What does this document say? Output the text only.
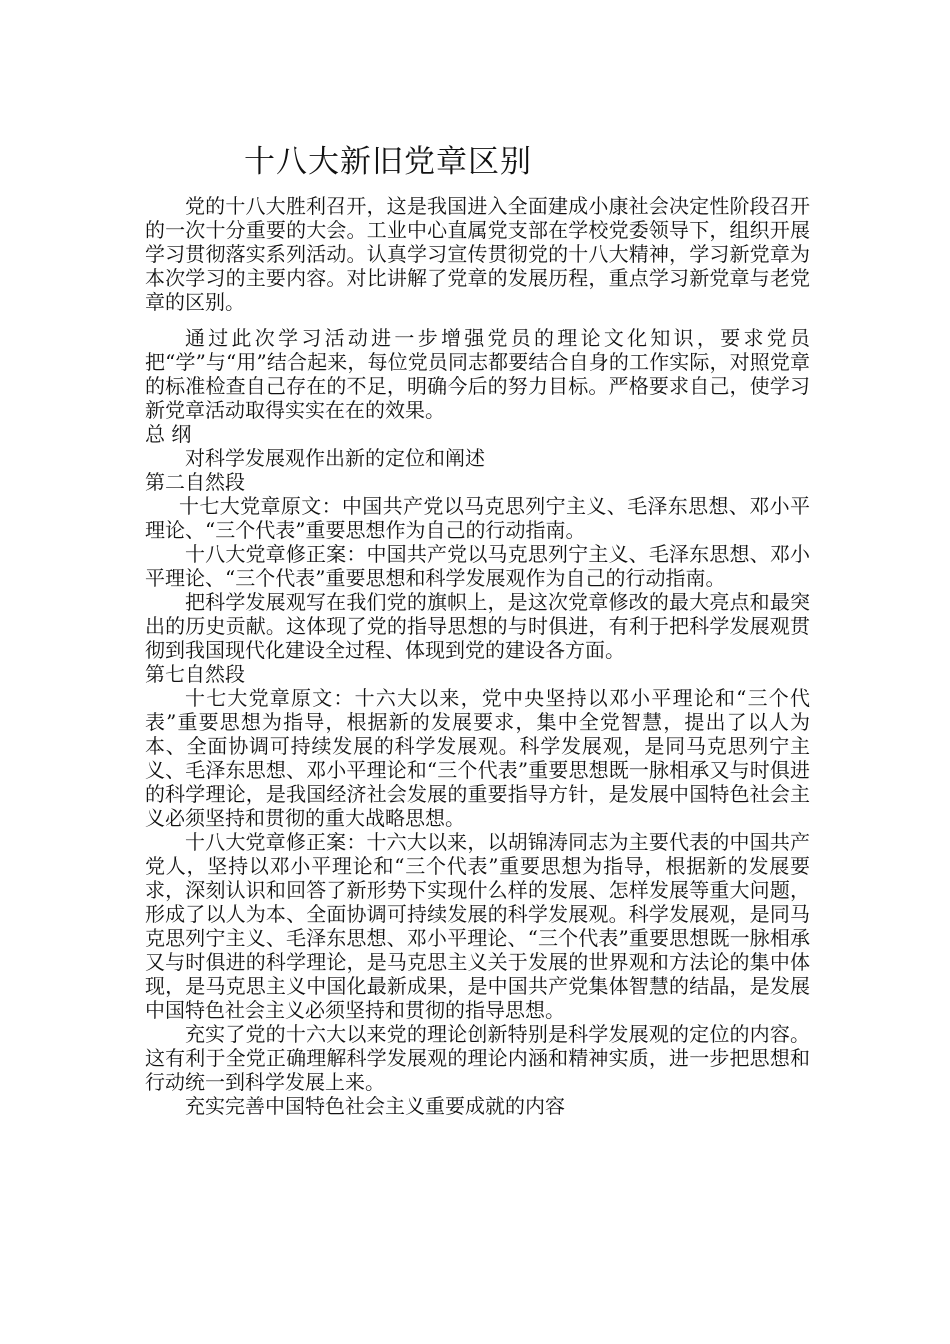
十八大新旧党章区别

党的十八大胜利召开，这是我国进入全面建成小康社会决定性阶段召开的一次十分重要的大会。工业中心直属党支部在学校党委领导下，组织开展学习贯彻落实系列活动。认真学习宣传贯彻党的十八大精神，学习新党章为本次学习的主要内容。对比讲解了党章的发展历程，重点学习新党章与老党章的区别。

通过此次学习活动进一步增强党员的理论文化知识，要求党员把“学”与“用”结合起来，每位党员同志都要结合自身的工作实际，对照党章的标准检查自己存在的不足，明确今后的努力目标。严格要求自己，使学习新党章活动取得实实在在的效果。

总 纲

对科学发展观作出新的定位和阐述

第二自然段

十七大党章原文：中国共产党以马克思列宁主义、毛泽东思想、邓小平理论、“三个代表”重要思想作为自己的行动指南。

十八大党章修正案：中国共产党以马克思列宁主义、毛泽东思想、邓小平理论、“三个代表”重要思想和科学发展观作为自己的行动指南。

把科学发展观写在我们党的旗帜上，是这次党章修改的最大亮点和最突出的历史贡献。这体现了党的指导思想的与时俱进，有利于把科学发展观贯彻到我国现代化建设全过程、体现到党的建设各方面。

第七自然段

十七大党章原文：十六大以来，党中央坚持以邓小平理论和“三个代表”重要思想为指导，根据新的发展要求，集中全党智慧，提出了以人为本、全面协调可持续发展的科学发展观。科学发展观，是同马克思列宁主义、毛泽东思想、邓小平理论和“三个代表”重要思想既一脉相承又与时俱进的科学理论，是我国经济社会发展的重要指导方针，是发展中国特色社会主义必须坚持和贯彻的重大战略思想。

十八大党章修正案：十六大以来，以胡锦涛同志为主要代表的中国共产党人，坚持以邓小平理论和“三个代表”重要思想为指导，根据新的发展要求，深刻认识和回答了新形势下实现什么样的发展、怎样发展等重大问题，形成了以人为本、全面协调可持续发展的科学发展观。科学发展观，是同马克思列宁主义、毛泽东思想、邓小平理论、“三个代表”重要思想既一脉相承又与时俱进的科学理论，是马克思主义关于发展的世界观和方法论的集中体现，是马克思主义中国化最新成果，是中国共产党集体智慧的结晶，是发展中国特色社会主义必须坚持和贯彻的指导思想。

充实了党的十六大以来党的理论创新特别是科学发展观的定位的内容。这有利于全党正确理解科学发展观的理论内涵和精神实质，进一步把思想和行动统一到科学发展上来。

充实完善中国特色社会主义重要成就的内容
